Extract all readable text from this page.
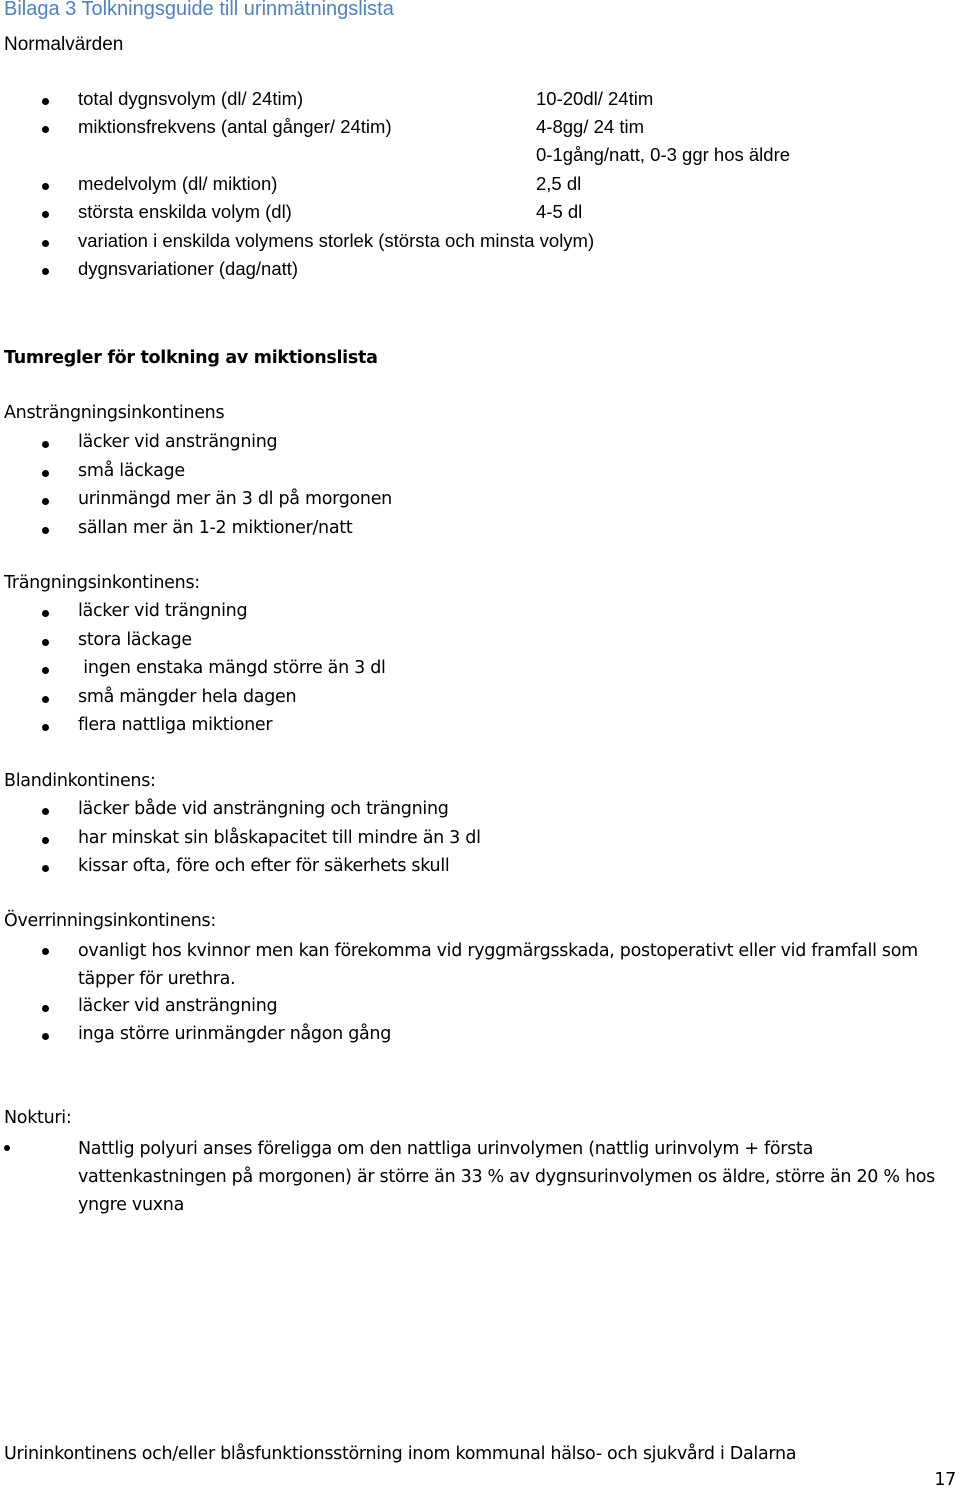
Bilaga 3 Tolkningsguide till urinmätningslista
Normalvärden
total dygnsvolym (dl/ 24tim)	10-20dl/ 24tim
miktionsfrekvens (antal gånger/ 24tim)	4-8gg/ 24 tim
0-1gång/natt, 0-3 ggr hos äldre
medelvolym (dl/ miktion)	2,5 dl
största enskilda volym (dl)	4-5 dl
variation i enskilda volymens storlek (största och minsta volym)
dygnsvariationer (dag/natt)
Tumregler för tolkning av miktionslista
Ansträngningsinkontinens
läcker vid ansträngning
små läckage
urinmängd mer än 3 dl på morgonen
sällan mer än 1-2 miktioner/natt
Trängningsinkontinens:
läcker vid trängning
stora läckage
ingen enstaka mängd större än 3 dl
små mängder hela dagen
flera nattliga miktioner
Blandinkontinens:
läcker både vid ansträngning och trängning
har minskat sin blåskapacitet till mindre än 3 dl
kissar ofta, före och efter för säkerhets skull
Överrinningsinkontinens:
ovanligt hos kvinnor men kan förekomma vid ryggmärgsskada, postoperativt eller vid framfall som täpper för urethra.
läcker vid ansträngning
inga större urinmängder någon gång
Nokturi:
Nattlig polyuri anses föreligga om den nattliga urinvolymen (nattlig urinvolym + första vattenkastningen på morgonen) är större än 33 % av dygnsurinvolymen os äldre, större än 20 % hos yngre vuxna
Urininkontinens och/eller blåsfunktionsstörning inom kommunal hälso- och sjukvård i Dalarna
17
